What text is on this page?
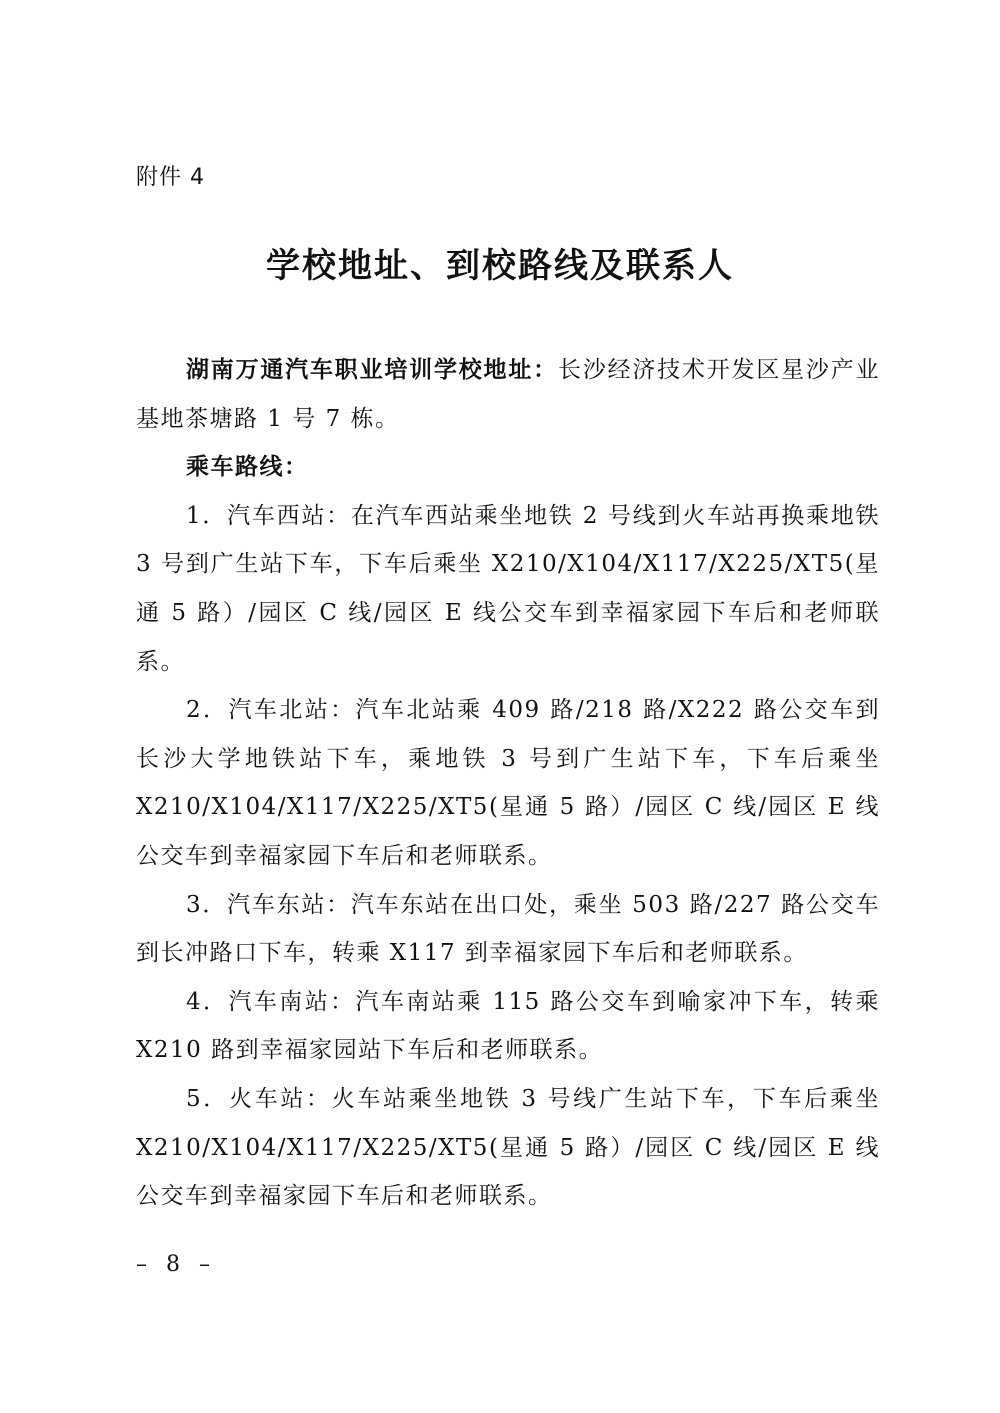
附件 4
学校地址、到校路线及联系人

湖南万通汽车职业培训学校地址：长沙经济技术开发区星沙产业基地茶塘路 1 号 7 栋。

乘车路线：

1．汽车西站：在汽车西站乘坐地铁 2 号线到火车站再换乘地铁 3 号到广生站下车，下车后乘坐 X210/X104/X117/X225/XT5(星通 5 路）/园区 C 线/园区 E 线公交车到幸福家园下车后和老师联系。

2．汽车北站：汽车北站乘 409 路/218 路/X222 路公交车到长沙大学地铁站下车，乘地铁 3 号到广生站下车，下车后乘坐 X210/X104/X117/X225/XT5(星通 5 路）/园区 C 线/园区 E 线公交车到幸福家园下车后和老师联系。

3．汽车东站：汽车东站在出口处，乘坐 503 路/227 路公交车到长冲路口下车，转乘 X117 到幸福家园下车后和老师联系。

4．汽车南站：汽车南站乘 115 路公交车到喻家冲下车，转乘 X210 路到幸福家园站下车后和老师联系。

5．火车站：火车站乘坐地铁 3 号线广生站下车，下车后乘坐 X210/X104/X117/X225/XT5(星通 5 路）/园区 C 线/园区 E 线公交车到幸福家园下车后和老师联系。

– 8 –
